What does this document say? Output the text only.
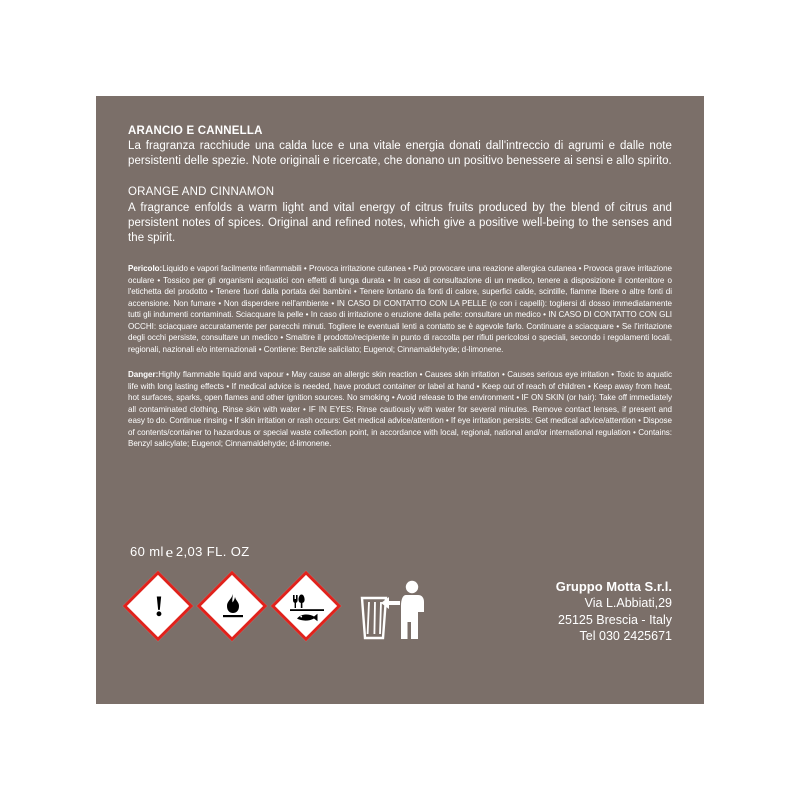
ARANCIO E CANNELLA

La fragranza racchiude una calda luce e una vitale energia donati dall'intreccio di agrumi e dalle note persistenti delle spezie. Note originali e ricercate, che donano un positivo benessere ai sensi e allo spirito.

ORANGE AND CINNAMON

A fragrance enfolds a warm light and vital energy of citrus fruits produced by the blend of citrus and persistent notes of spices. Original and refined notes, which give a positive well-being to the senses and the spirit.

Pericolo:Liquido e vapori facilmente infiammabili • Provoca irritazione cutanea • Può provocare una reazione allergica cutanea • Provoca grave irritazione oculare • Tossico per gli organismi acquatici con effetti di lunga durata • In caso di consultazione di un medico, tenere a disposizione il contenitore o l'etichetta del prodotto • Tenere fuori dalla portata dei bambini • Tenere lontano da fonti di calore, superfici calde, scintille, fiamme libere o altre fonti di accensione. Non fumare • Non disperdere nell'ambiente • IN CASO DI CONTATTO CON LA PELLE (o con i capelli): togliersi di dosso immediatamente tutti gli indumenti contaminati. Sciacquare la pelle • In caso di irritazione o eruzione della pelle: consultare un medico • IN CASO DI CONTATTO CON GLI OCCHI: sciacquare accuratamente per parecchi minuti. Togliere le eventuali lenti a contatto se è agevole farlo. Continuare a sciacquare • Se l'irritazione degli occhi persiste, consultare un medico • Smaltire il prodotto/recipiente in punto di raccolta per rifiuti pericolosi o speciali, secondo i regolamenti locali, regionali, nazionali e/o internazionali • Contiene: Benzile salicilato; Eugenol; Cinnamaldehyde; d-limonene.

Danger:Highly flammable liquid and vapour • May cause an allergic skin reaction • Causes skin irritation • Causes serious eye irritation • Toxic to aquatic life with long lasting effects • If medical advice is needed, have product container or label at hand • Keep out of reach of children • Keep away from heat, hot surfaces, sparks, open flames and other ignition sources. No smoking • Avoid release to the environment • IF ON SKIN (or hair): Take off immediately all contaminated clothing. Rinse skin with water • IF IN EYES: Rinse cautiously with water for several minutes. Remove contact lenses, if present and easy to do. Continue rinsing • If skin irritation or rash occurs: Get medical advice/attention • If eye irritation persists: Get medical advice/attention • Dispose of contents/container to hazardous or special waste collection point, in accordance with local, regional, national and/or international regulation • Contains: Benzyl salicylate; Eugenol; Cinnamaldehyde; d-limonene.

60 mle 2,03 FL. OZ

!
Gruppo Motta S.r.l.
Via L.Abbiati,29
25125 Brescia - Italy
Tel 030 2425671
